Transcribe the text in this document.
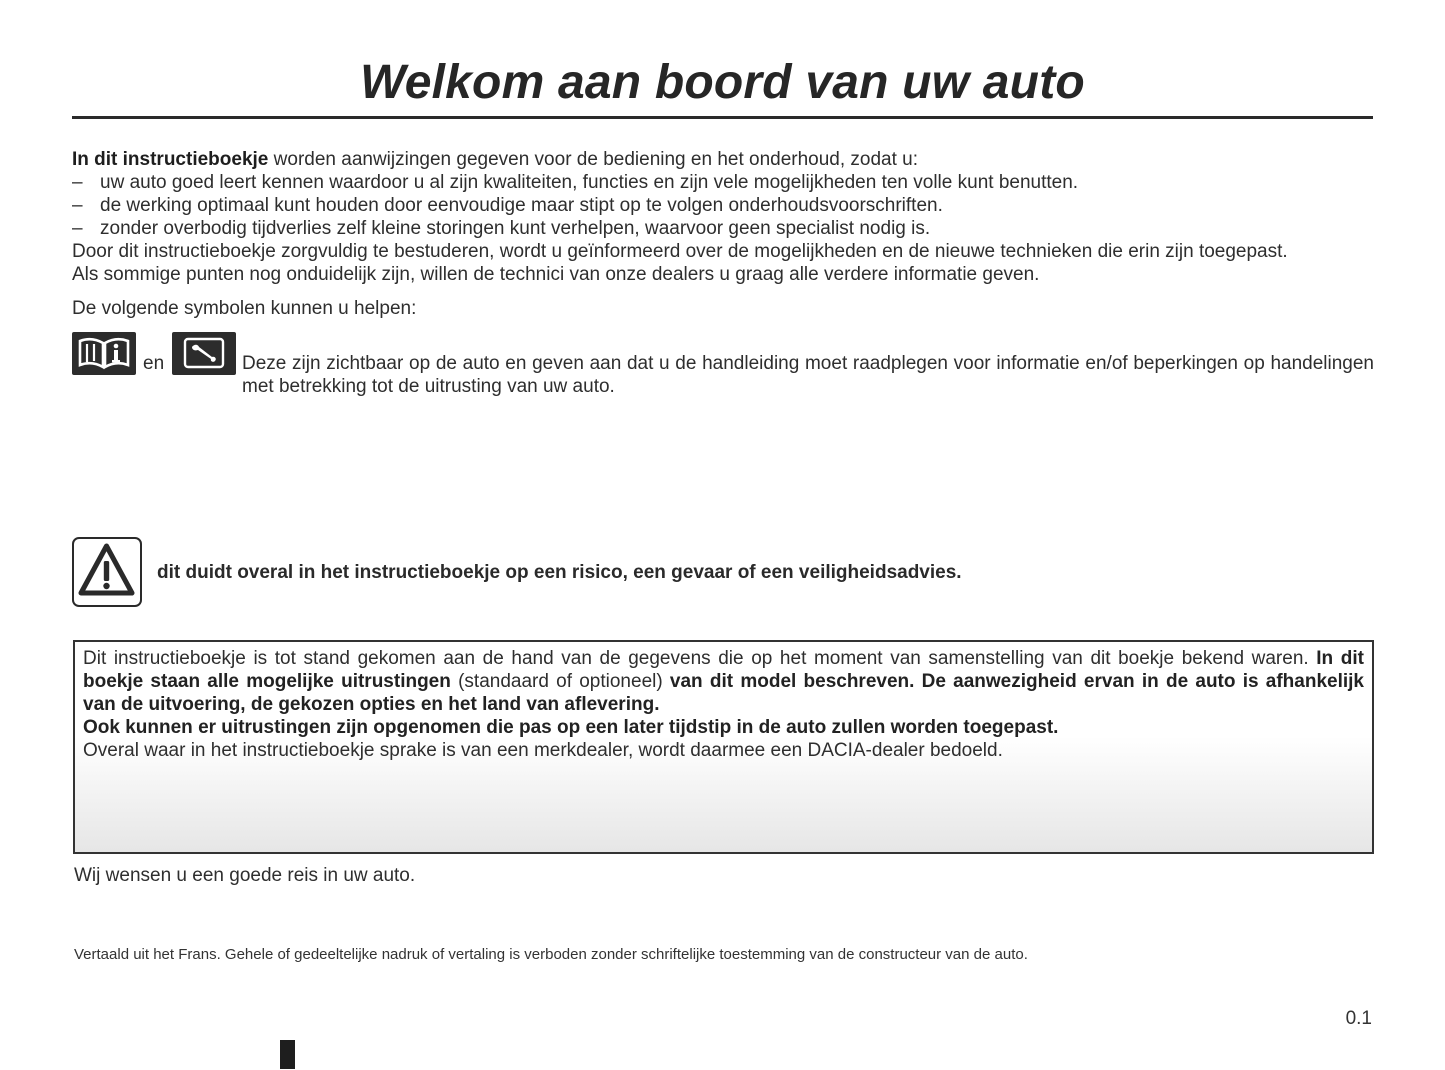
Welkom aan boord van uw auto
In dit instructieboekje worden aanwijzingen gegeven voor de bediening en het onderhoud, zodat u:
– uw auto goed leert kennen waardoor u al zijn kwaliteiten, functies en zijn vele mogelijkheden ten volle kunt benutten.
– de werking optimaal kunt houden door eenvoudige maar stipt op te volgen onderhoudsvoorschriften.
– zonder overbodig tijdverlies zelf kleine storingen kunt verhelpen, waarvoor geen specialist nodig is.
Door dit instructieboekje zorgvuldig te bestuderen, wordt u geïnformeerd over de mogelijkheden en de nieuwe technieken die erin zijn toegepast.
Als sommige punten nog onduidelijk zijn, willen de technici van onze dealers u graag alle verdere informatie geven.
De volgende symbolen kunnen u helpen:
en	Deze zijn zichtbaar op de auto en geven aan dat u de handleiding moet raadplegen voor informatie en/of beperkingen op handelingen met betrekking tot de uitrusting van uw auto.
dit duidt overal in het instructieboekje op een risico, een gevaar of een veiligheidsadvies.
Dit instructieboekje is tot stand gekomen aan de hand van de gegevens die op het moment van samenstelling van dit boekje bekend waren. In dit boekje staan alle mogelijke uitrustingen (standaard of optioneel) van dit model beschreven. De aanwezigheid ervan in de auto is afhankelijk van de uitvoering, de gekozen opties en het land van aflevering.
Ook kunnen er uitrustingen zijn opgenomen die pas op een later tijdstip in de auto zullen worden toegepast.
Overal waar in het instructieboekje sprake is van een merkdealer, wordt daarmee een DACIA-dealer bedoeld.
Wij wensen u een goede reis in uw auto.
Vertaald uit het Frans. Gehele of gedeeltelijke nadruk of vertaling is verboden zonder schriftelijke toestemming van de constructeur van de auto.
0.1
